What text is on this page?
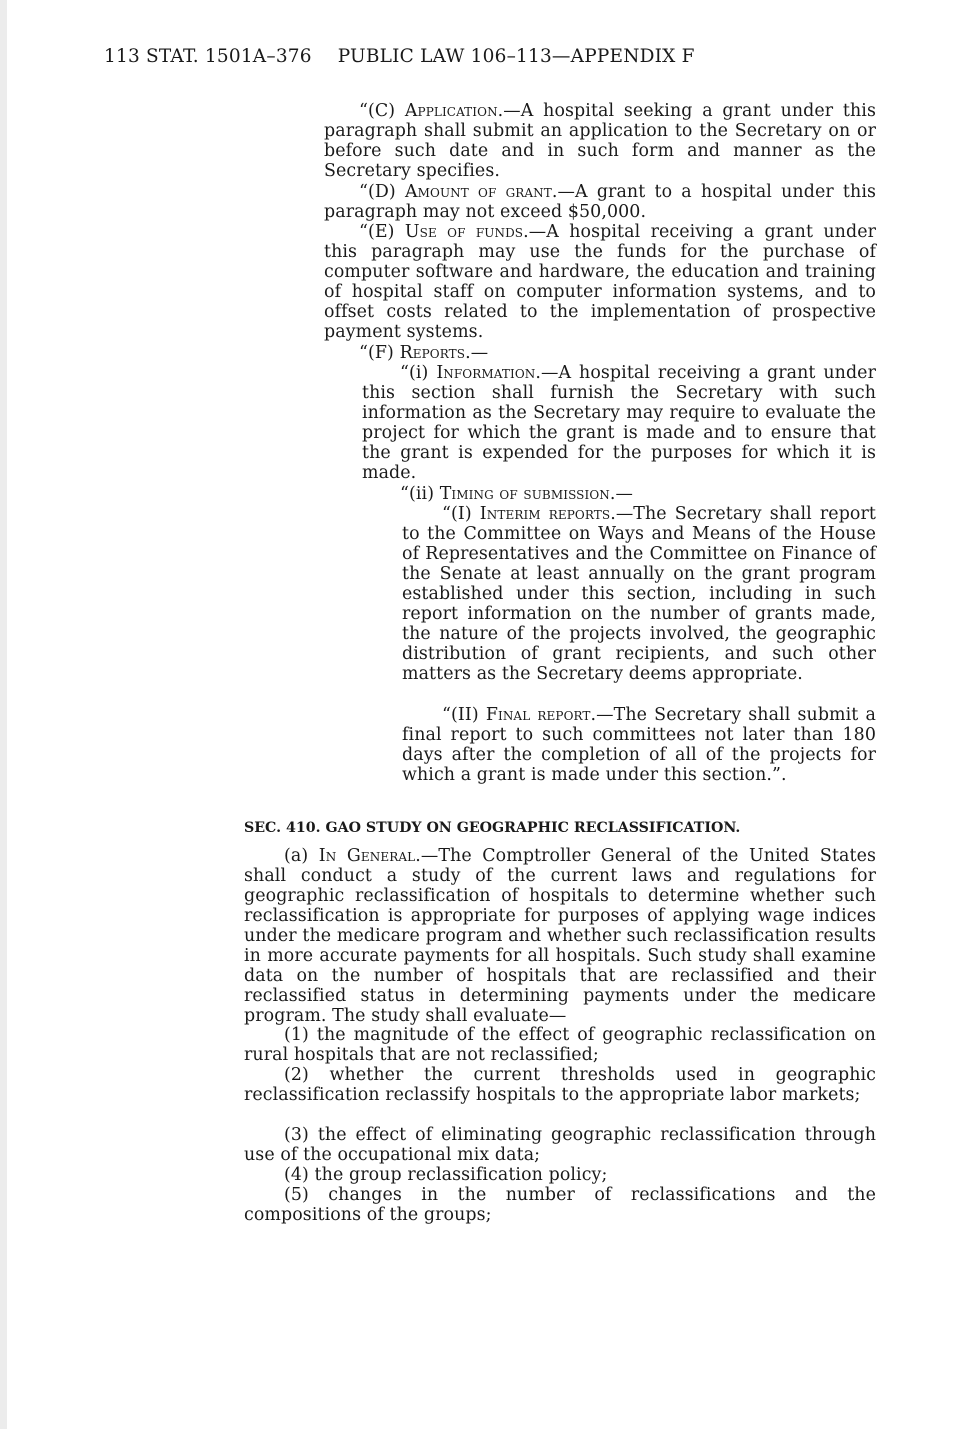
113 STAT. 1501A–376 PUBLIC LAW 106–113—APPENDIX F

“(C) Application.—A hospital seeking a grant under this paragraph shall submit an application to the Secretary on or before such date and in such form and manner as the Secretary specifies.

“(D) Amount of grant.—A grant to a hospital under this paragraph may not exceed $50,000.

“(E) Use of funds.—A hospital receiving a grant under this paragraph may use the funds for the purchase of computer software and hardware, the education and training of hospital staff on computer information systems, and to offset costs related to the implementation of prospective payment systems.

“(F) Reports.—

“(i) Information.—A hospital receiving a grant under this section shall furnish the Secretary with such information as the Secretary may require to evaluate the project for which the grant is made and to ensure that the grant is expended for the purposes for which it is made.

“(ii) Timing of submission.—

“(I) Interim reports.—The Secretary shall report to the Committee on Ways and Means of the House of Representatives and the Committee on Finance of the Senate at least annually on the grant program established under this section, including in such report information on the number of grants made, the nature of the projects involved, the geographic distribution of grant recipients, and such other matters as the Secretary deems appropriate.

“(II) Final report.—The Secretary shall submit a final report to such committees not later than 180 days after the completion of all of the projects for which a grant is made under this section.”.

SEC. 410. GAO STUDY ON GEOGRAPHIC RECLASSIFICATION.

(a) In General.—The Comptroller General of the United States shall conduct a study of the current laws and regulations for geographic reclassification of hospitals to determine whether such reclassification is appropriate for purposes of applying wage indices under the medicare program and whether such reclassification results in more accurate payments for all hospitals. Such study shall examine data on the number of hospitals that are reclassified and their reclassified status in determining payments under the medicare program. The study shall evaluate—

(1) the magnitude of the effect of geographic reclassification on rural hospitals that are not reclassified;

(2) whether the current thresholds used in geographic reclassification reclassify hospitals to the appropriate labor markets;

(3) the effect of eliminating geographic reclassification through use of the occupational mix data;

(4) the group reclassification policy;

(5) changes in the number of reclassifications and the compositions of the groups;
